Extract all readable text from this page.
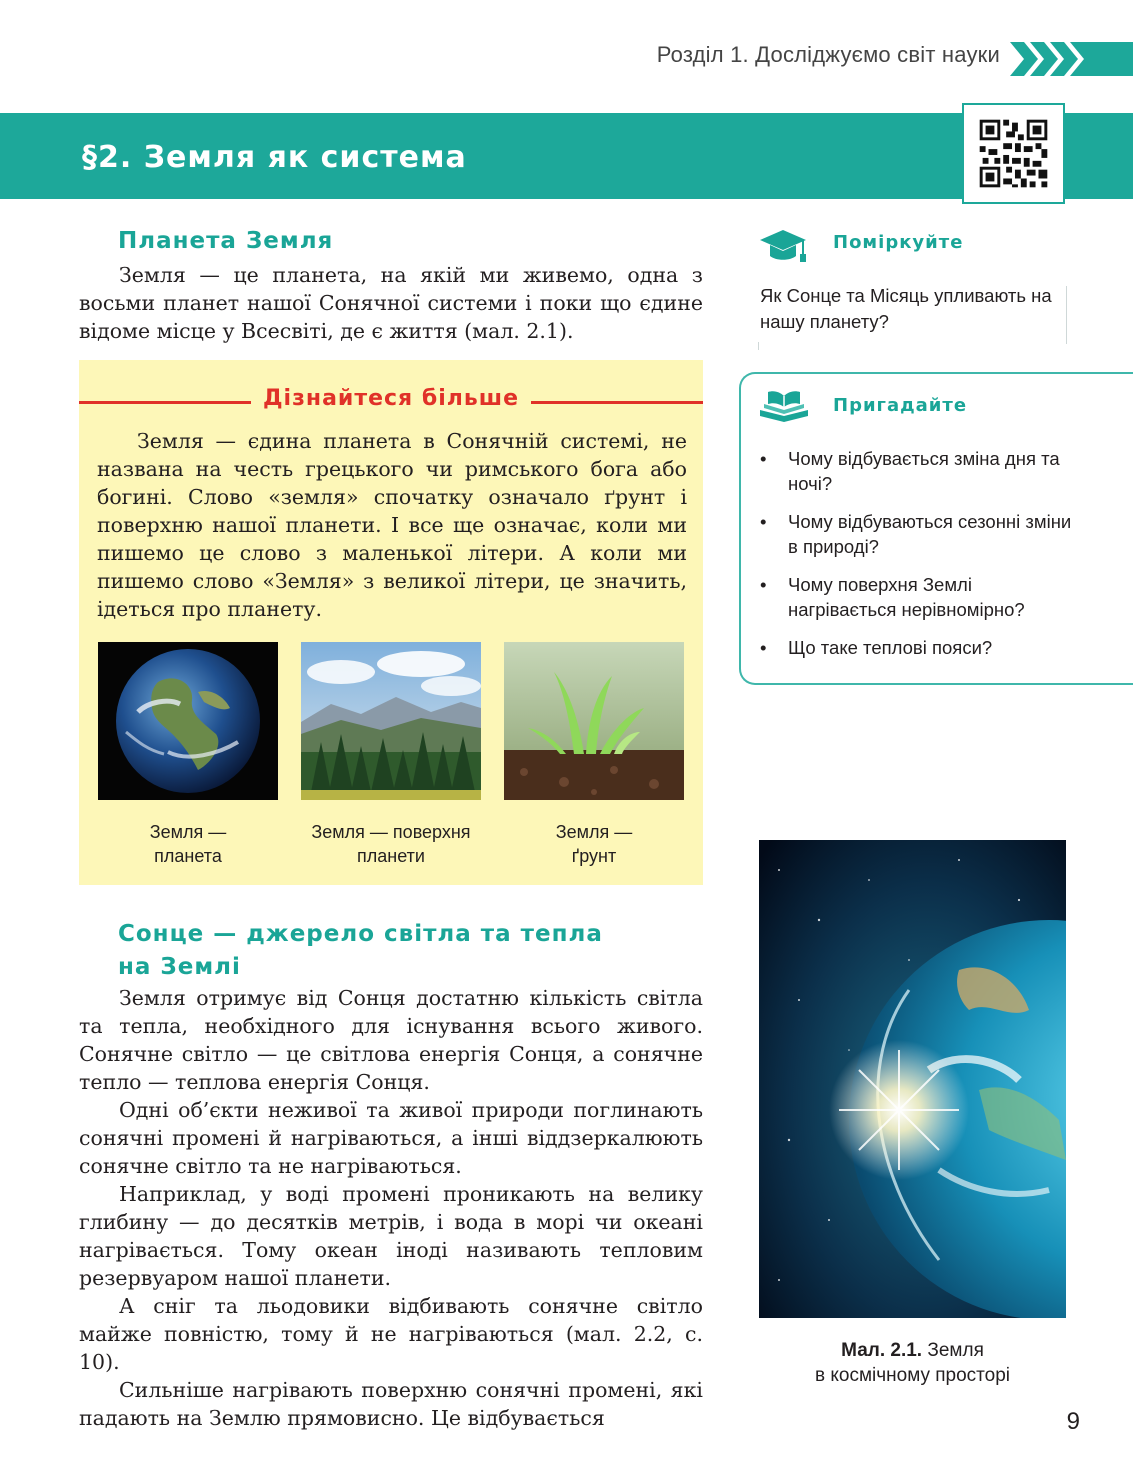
Розділ 1. Досліджуємо світ науки
§2. Земля як система
Планета Земля
Земля — це планета, на якій ми живемо, одна з восьми планет нашої Сонячної системи і поки що єдине відоме місце у Всесвіті, де є життя (мал. 2.1).
Дізнайтеся більше
Земля — єдина планета в Сонячній системі, не названа на честь грецького чи римського бога або богині. Слово «земля» спочатку означало ґрунт і поверхню нашої планети. І все ще означає, коли ми пишемо це слово з маленької літери. А коли ми пишемо слово «Земля» з великої літери, це значить, ідеться про планету.
Земля —
планета
Земля — поверхня
планети
Земля —
ґрунт
Сонце — джерело світла та тепла
на Землі
Земля отримує від Сонця достатню кількість світла та тепла, необхідного для існування всього живого. Сонячне світло — це світлова енергія Сонця, а сонячне тепло — теплова енергія Сонця.
Одні об’єкти неживої та живої природи поглинають сонячні промені й нагріваються, а інші віддзеркалюють сонячне світло та не нагріваються.
Наприклад, у воді промені проникають на велику глибину — до десятків метрів, і вода в морі чи океані нагрівається. Тому океан іноді називають тепловим резервуаром нашої планети.
А сніг та льодовики відбивають сонячне світло майже повністю, тому й не нагріваються (мал. 2.2, с. 10).
Сильніше нагрівають поверхню сонячні промені, які падають на Землю прямовисно. Це відбувається
Поміркуйте
Як Сонце та Місяць упливають на нашу планету?
Пригадайте
• Чому відбувається зміна дня та ночі?
• Чому відбуваються сезонні зміни в природі?
• Чому поверхня Землі нагрівається нерівномірно?
• Що таке теплові пояси?
Мал. 2.1. Земля
в космічному просторі
9
